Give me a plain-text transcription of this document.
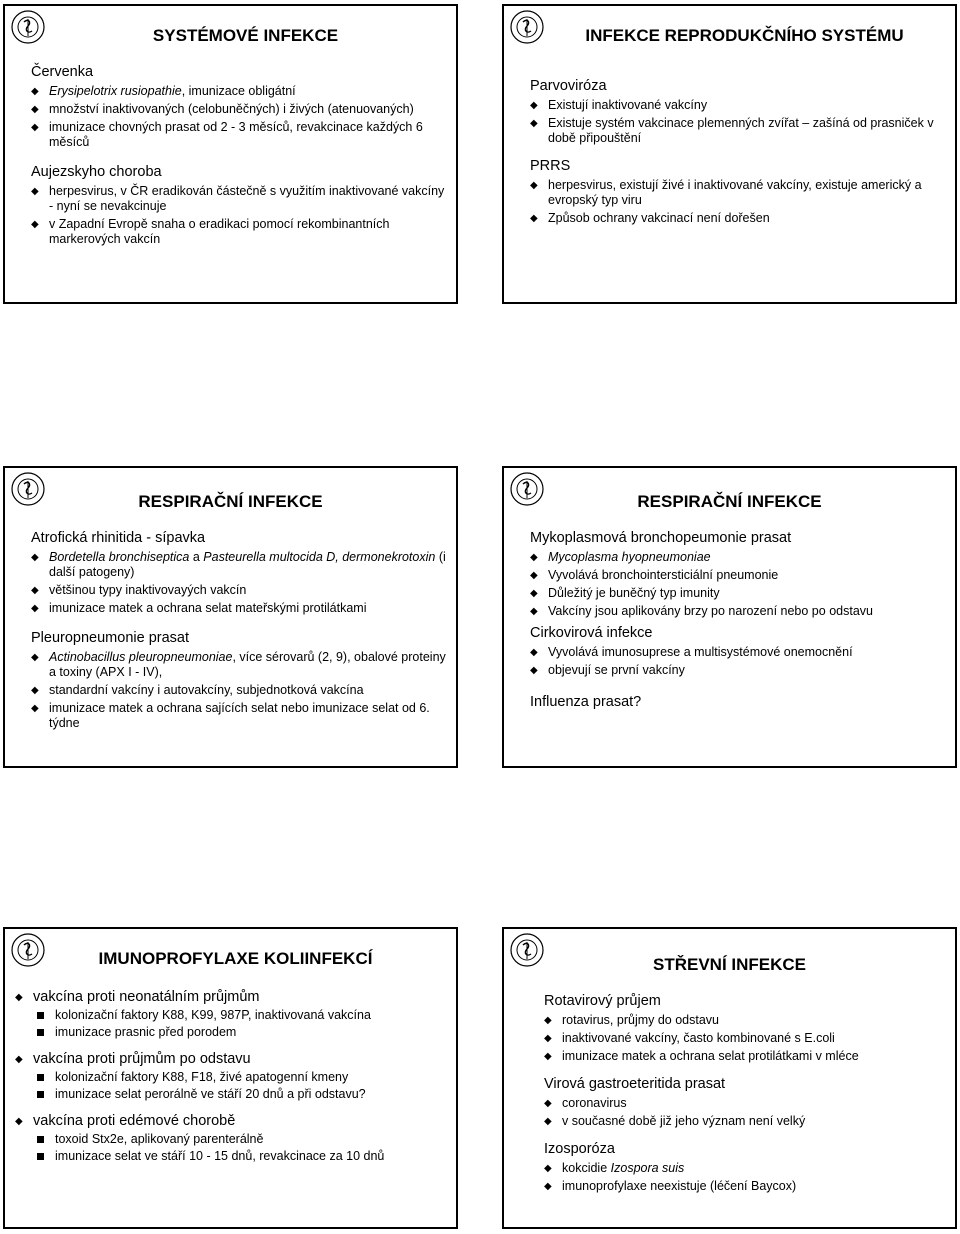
SYSTÉMOVÉ INFEKCE
Červenka
◆ Erysipelotrix rusiopathie, imunizace obligátní
◆ množství inaktivovaných (celobuněčných) i živých (atenuovaných)
◆ imunizace chovných prasat od 2 - 3 měsíců, revakcinace každých 6 měsíců
Aujezskyho choroba
◆ herpesvirus, v ČR eradikován částečně s využitím inaktivované vakcíny - nyní se nevakcinuje
◆ v Zapadní Evropě snaha o eradikaci pomocí rekombinantních markerových vakcín
INFEKCE REPRODUKČNÍHO SYSTÉMU
Parvoviróza
◆ Existují inaktivované vakcíny
◆ Existuje systém vakcinace plemenných zvířat – zašíná od prasniček v době připouštění
PRRS
◆ herpesvirus, existují živé i inaktivované vakcíny, existuje americký a evropský typ viru
◆ Způsob ochrany vakcinací není dořešen
RESPIRAČNÍ INFEKCE
Atrofická rhinitida - sípavka
◆ Bordetella bronchiseptica a Pasteurella multocida D, dermonekrotoxin (i další patogeny)
◆ většinou typy inaktivovayých vakcín
◆ imunizace matek a ochrana selat mateřskými protilátkami
Pleuropneumonie prasat
◆ Actinobacillus pleuropneumoniae, více sérovarů (2, 9), obalové proteiny a toxiny (APX I - IV),
◆ standardní vakcíny i autovakcíny, subjednotková vakcína
◆ imunizace matek a ochrana sajících selat nebo imunizace selat od 6. týdne
RESPIRAČNÍ INFEKCE
Mykoplasmová bronchopeumonie prasat
◆ Mycoplasma hyopneumoniae
◆ Vyvolává bronchointersticiální pneumonie
◆ Důležitý je buněčný typ imunity
◆ Vakcíny jsou aplikovány brzy po narození nebo po odstavu
Cirkovirová infekce
◆ Vyvolává imunosuprese a multisystémové onemocnění
◆ objevují se první vakcíny
Influenza prasat?
IMUNOPROFYLAXE KOLIINFEKCÍ
◆ vakcína proti neonatálním průjmům
kolonizační faktory K88, K99, 987P, inaktivovaná vakcína
imunizace prasnic před porodem
◆ vakcína proti průjmům po odstavu
kolonizační faktory K88, F18, živé apatogenní kmeny
imunizace selat perorálně ve stáří 20 dnů a při odstavu?
◆ vakcína proti edémové chorobě
toxoid Stx2e, aplikovaný parenterálně
imunizace selat ve stáří 10 - 15 dnů, revakcinace za 10 dnů
STŘEVNÍ INFEKCE
Rotavirový průjem
◆ rotavirus, průjmy do odstavu
◆ inaktivované vakcíny, často kombinované s E.coli
◆ imunizace matek a ochrana selat protilátkami v mléce
Virová gastroeteritida prasat
◆ coronavirus
◆ v současné době již jeho význam není velký
Izosporóza
◆ kokcidie Izospora suis
◆ imunoprofylaxe neexistuje (léčení Baycox)
